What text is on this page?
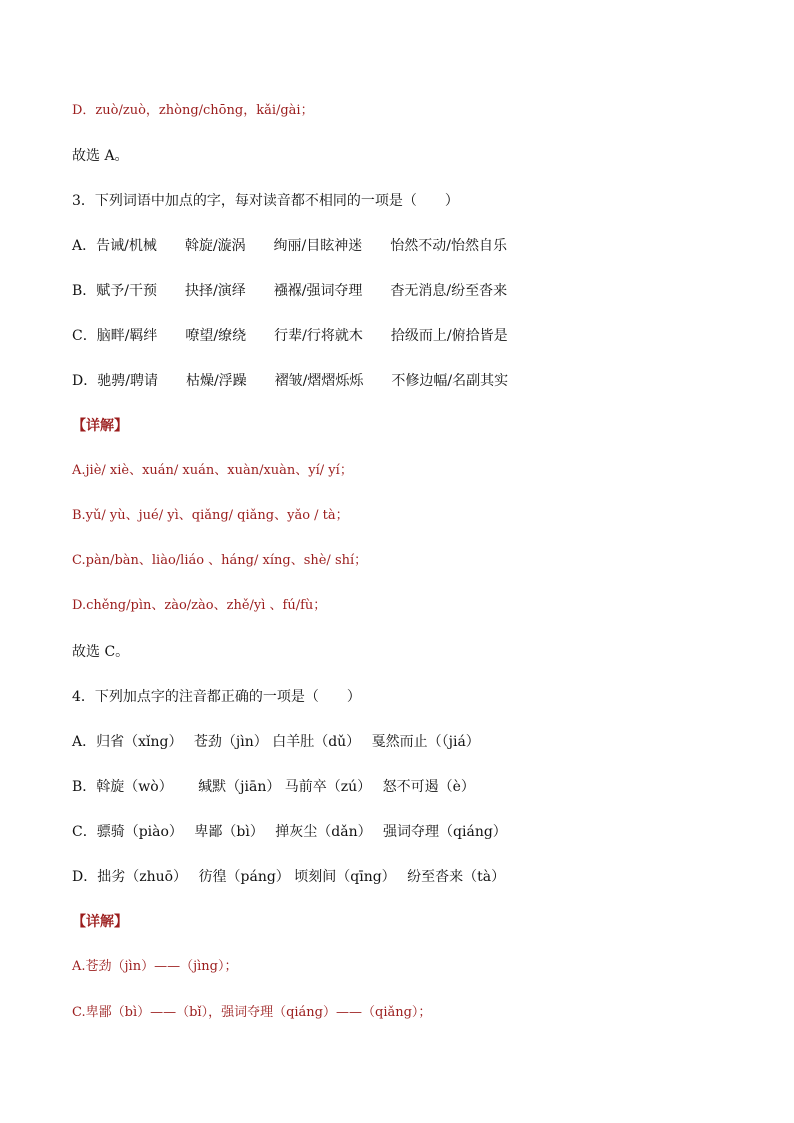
D．zuò/zuò，zhòng/chōng，kǎi/gài；
故选 A。
3．下列词语中加点的字，每对读音都不相同的一项是（　　）
A．告诫/机械　　斡旋/漩涡　　绚丽/目眩神迷　　怡然不动/怡然自乐
B．赋予/干预　　抉择/演绎　　襁褓/强词夺理　　杳无消息/纷至沓来
C．脑畔/羁绊　　嘹望/缭绕　　行辈/行将就木　　拾级而上/俯拾皆是
D．驰骋/聘请　　枯燥/浮躁　　褶皱/熠熠烁烁　　不修边幅/名副其实
【详解】
A.jiè/ xiè、xuán/ xuán、xuàn/xuàn、yí/ yí；
B.yǔ/ yù、jué/ yì、qiǎng/ qiǎng、yǎo / tà；
C.pàn/bàn、liào/liáo 、háng/ xíng、shè/ shí；
D.chěng/pìn、zào/zào、zhě/yì 、fú/fù；
故选 C。
4．下列加点字的注音都正确的一项是（　　）
A．归省（xǐng）　 苍劲（jìn） 白羊肚（dǔ）　 戛然而止（（jiá）
B．斡旋（wò）　　 缄默（jiān） 马前卒（zú）　 怒不可遏（è）
C．骠骑（piào）　 卑鄙（bì）　 掸灰尘（dǎn）　 强词夺理（qiáng）
D．拙劣（zhuō）　 彷徨（páng） 顷刻间（qīng）　 纷至沓来（tà）
【详解】
A.苍劲（jìn）——（jìng）；
C.卑鄙（bì）——（bǐ），强词夺理（qiáng）——（qiǎng）；
